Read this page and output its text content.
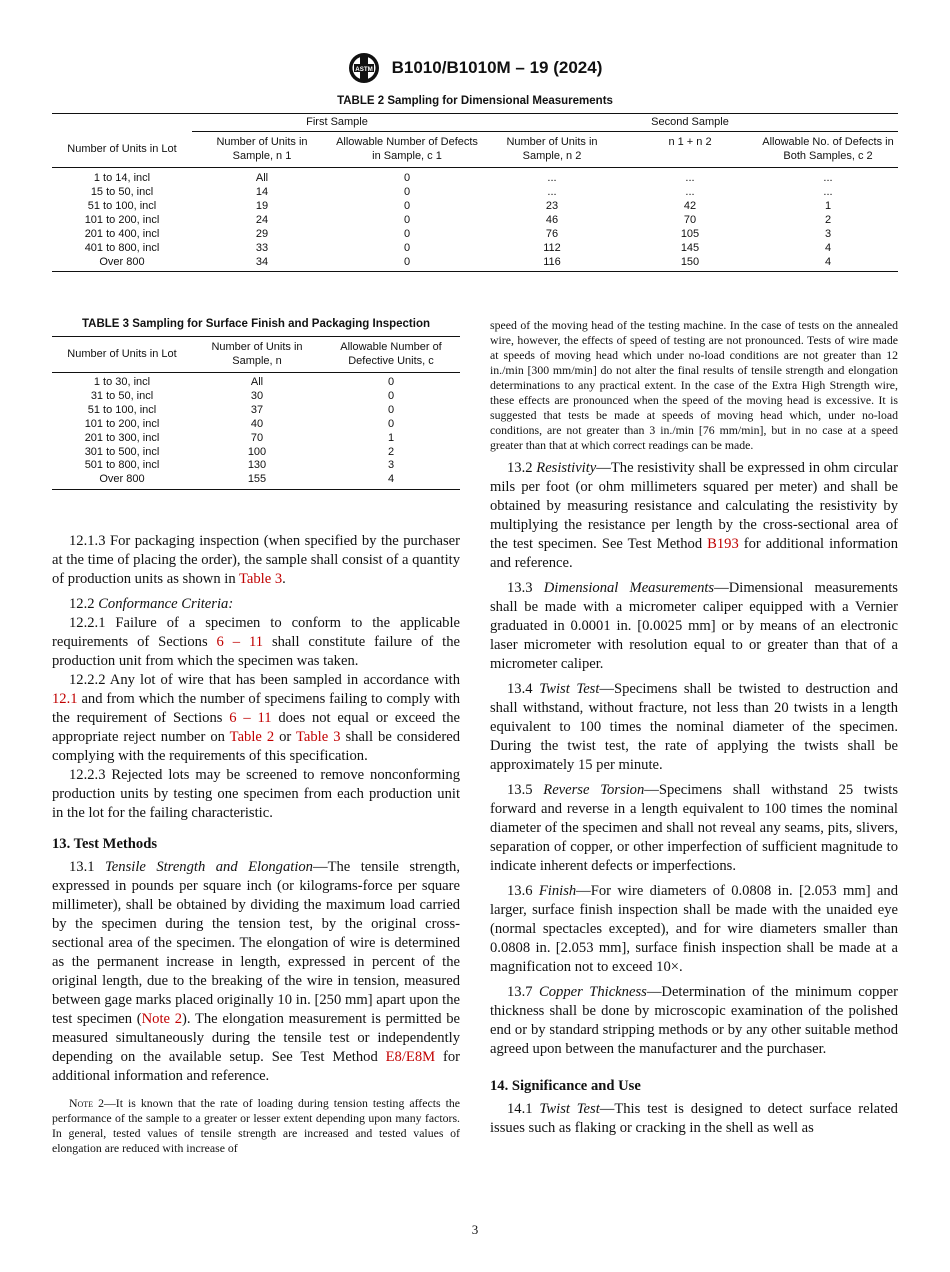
ASTM B1010/B1010M – 19 (2024)
TABLE 2 Sampling for Dimensional Measurements
	First Sample		Second Sample		
Number of Units in Lot	Number of Units in Sample, n 1	Allowable Number of Defects in Sample, c 1	Number of Units in Sample, n 2	n 1 + n 2	Allowable No. of Defects in Both Samples, c 2
1 to 14, incl	All	0	...	...	...
15 to 50, incl	14	0	...	...	...
51 to 100, incl	19	0	23	42	1
101 to 200, incl	24	0	46	70	2
201 to 400, incl	29	0	76	105	3
401 to 800, incl	33	0	112	145	4
Over 800	34	0	116	150	4
TABLE 3 Sampling for Surface Finish and Packaging Inspection
Number of Units in Lot	Number of Units in Sample, n	Allowable Number of Defective Units, c
1 to 30, incl	All	0
31 to 50, incl	30	0
51 to 100, incl	37	0
101 to 200, incl	40	0
201 to 300, incl	70	1
301 to 500, incl	100	2
501 to 800, incl	130	3
Over 800	155	4

12.1.3 For packaging inspection (when specified by the purchaser at the time of placing the order), the sample shall consist of a quantity of production units as shown in Table 3.

12.2 Conformance Criteria:

12.2.1 Failure of a specimen to conform to the applicable requirements of Sections 6 – 11 shall constitute failure of the production unit from which the specimen was taken.

12.2.2 Any lot of wire that has been sampled in accordance with 12.1 and from which the number of specimens failing to comply with the requirement of Sections 6 – 11 does not equal or exceed the appropriate reject number on Table 2 or Table 3 shall be considered complying with the requirements of this specification.

12.2.3 Rejected lots may be screened to remove nonconforming production units by testing one specimen from each production unit in the lot for the failing characteristic.

13. Test Methods

13.1 Tensile Strength and Elongation—The tensile strength, expressed in pounds per square inch (or kilograms-force per square millimeter), shall be obtained by dividing the maximum load carried by the specimen during the tension test, by the original cross-sectional area of the specimen. The elongation of wire is determined as the permanent increase in length, expressed in percent of the original length, due to the breaking of the wire in tension, measured between gage marks placed originally 10 in. [250 mm] apart upon the test specimen (Note 2). The elongation measurement is permitted be measured simultaneously during the tensile test or independently depending on the available setup. See Test Method E8/E8M for additional information and reference.

Note 2—It is known that the rate of loading during tension testing affects the performance of the sample to a greater or lesser extent depending upon many factors. In general, tested values of tensile strength are increased and tested values of elongation are reduced with increase of

speed of the moving head of the testing machine. In the case of tests on the annealed wire, however, the effects of speed of testing are not pronounced. Tests of wire made at speeds of moving head which under no-load conditions are not greater than 12 in./min [300 mm/min] do not alter the final results of tensile strength and elongation determinations to any practical extent. In the case of the Extra High Strength wire, these effects are pronounced when the speed of the moving head is excessive. It is suggested that tests be made at speeds of moving head which, under no-load conditions, are not greater than 3 in./min [76 mm/min], but in no case at a speed greater than that at which correct readings can be made.

13.2 Resistivity—The resistivity shall be expressed in ohm circular mils per foot (or ohm millimeters squared per meter) and shall be obtained by measuring resistance and calculating the resistivity by multiplying the resistance per length by the cross-sectional area of the test specimen. See Test Method B193 for additional information and reference.

13.3 Dimensional Measurements—Dimensional measurements shall be made with a micrometer caliper equipped with a Vernier graduated in 0.0001 in. [0.0025 mm] or by means of an electronic laser micrometer with resolution equal to or greater than that of a micrometer caliper.

13.4 Twist Test—Specimens shall be twisted to destruction and shall withstand, without fracture, not less than 20 twists in a length equivalent to 100 times the nominal diameter of the specimen. During the twist test, the rate of applying the twists shall be approximately 15 per minute.

13.5 Reverse Torsion—Specimens shall withstand 25 twists forward and reverse in a length equivalent to 100 times the nominal diameter of the specimen and shall not reveal any seams, pits, slivers, separation of copper, or other imperfection of sufficient magnitude to indicate inherent defects or imperfections.

13.6 Finish—For wire diameters of 0.0808 in. [2.053 mm] and larger, surface finish inspection shall be made with the unaided eye (normal spectacles excepted), and for wire diameters smaller than 0.0808 in. [2.053 mm], surface finish inspection shall be made at a magnification not to exceed 10×.

13.7 Copper Thickness—Determination of the minimum copper thickness shall be done by microscopic examination of the polished end or by standard stripping methods or by any other suitable method agreed upon between the manufacturer and the purchaser.

14. Significance and Use

14.1 Twist Test—This test is designed to detect surface related issues such as flaking or cracking in the shell as well as

3
